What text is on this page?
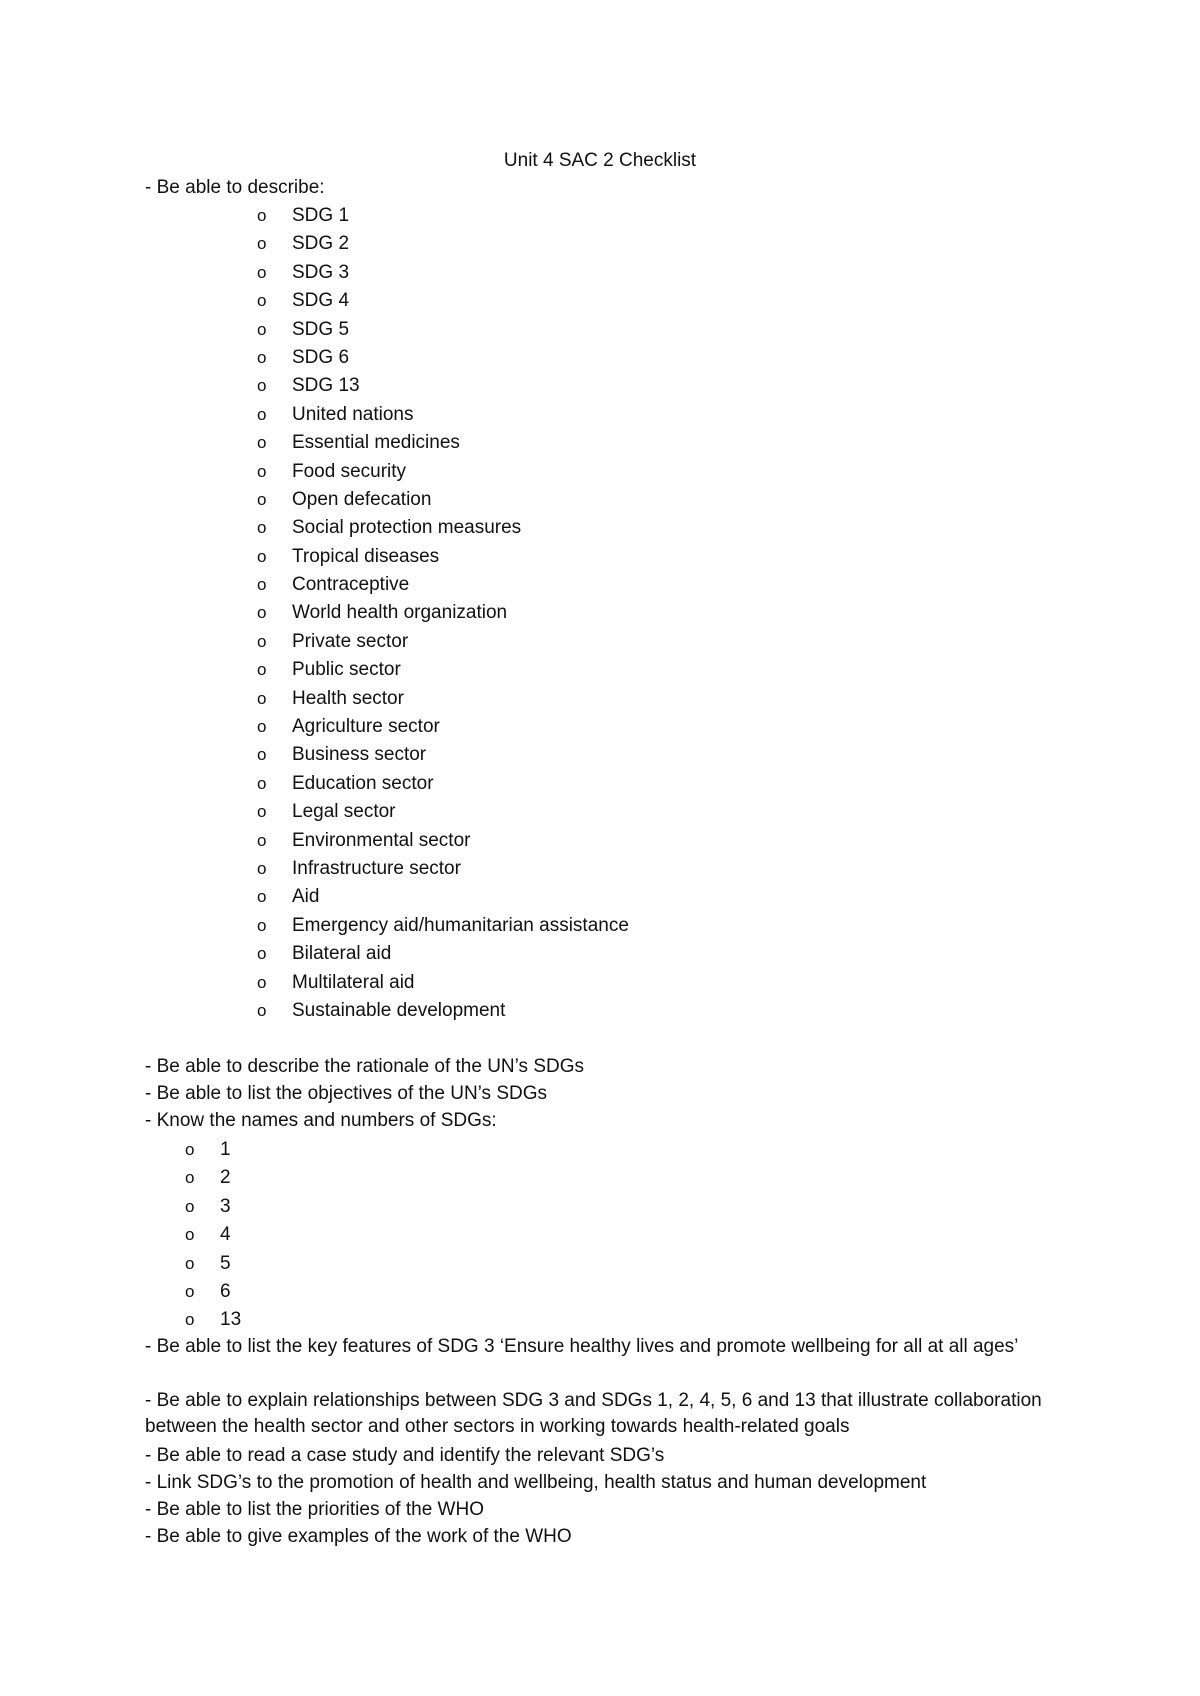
Unit 4 SAC 2 Checklist
- Be able to describe:
o SDG 1
o SDG 2
o SDG 3
o SDG 4
o SDG 5
o SDG 6
o SDG 13
o United nations
o Essential medicines
o Food security
o Open defecation
o Social protection measures
o Tropical diseases
o Contraceptive
o World health organization
o Private sector
o Public sector
o Health sector
o Agriculture sector
o Business sector
o Education sector
o Legal sector
o Environmental sector
o Infrastructure sector
o Aid
o Emergency aid/humanitarian assistance
o Bilateral aid
o Multilateral aid
o Sustainable development
- Be able to describe the rationale of the UN’s SDGs
- Be able to list the objectives of the UN’s SDGs
- Know the names and numbers of SDGs:
o 1
o 2
o 3
o 4
o 5
o 6
o 13
- Be able to list the key features of SDG 3 ‘Ensure healthy lives and promote wellbeing for all at all ages’
- Be able to explain relationships between SDG 3 and SDGs 1, 2, 4, 5, 6 and 13 that illustrate collaboration between the health sector and other sectors in working towards health-related goals
- Be able to read a case study and identify the relevant SDG’s
- Link SDG’s to the promotion of health and wellbeing, health status and human development
- Be able to list the priorities of the WHO
- Be able to give examples of the work of the WHO
